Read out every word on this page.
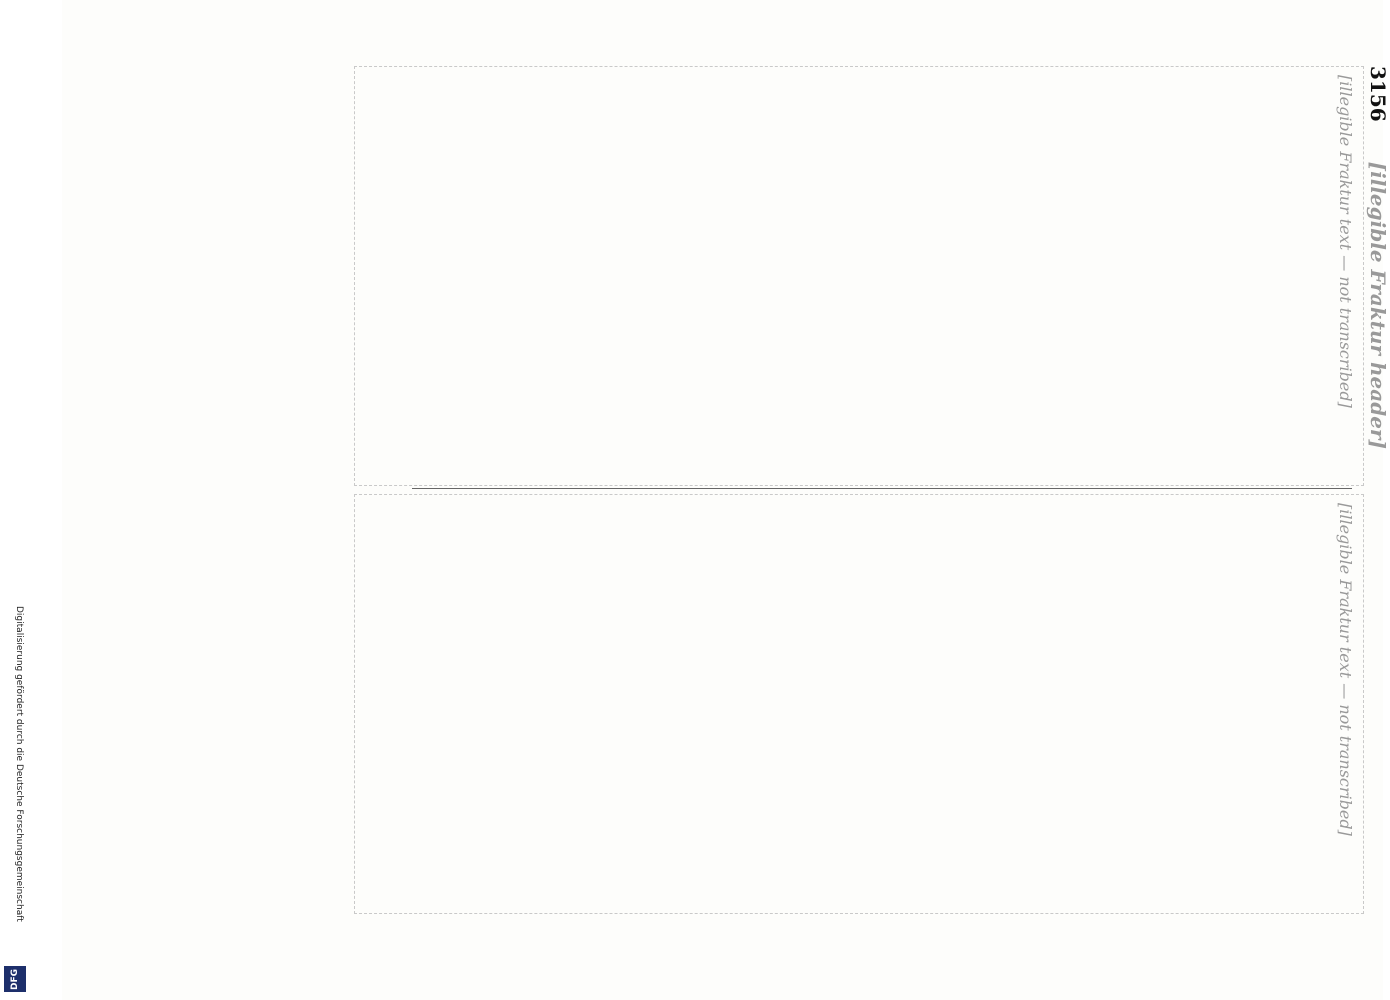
Digitalisierung gefördert durch die Deutsche Forschungsgemeinschaft
DFG
3156
[illegible Fraktur header]
[illegible Fraktur text — not transcribed]
[illegible Fraktur text — not transcribed]
